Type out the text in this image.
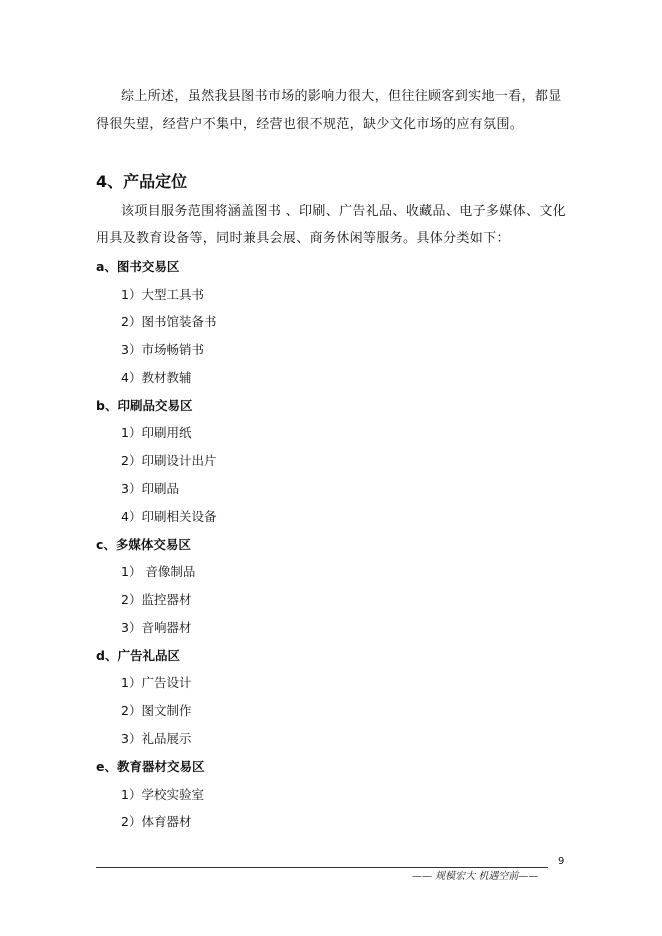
综上所述，虽然我县图书市场的影响力很大，但往往顾客到实地一看，都显
得很失望，经营户不集中，经营也很不规范，缺少文化市场的应有氛围。
4、产品定位
该项目服务范围将涵盖图书 、印刷、广告礼品、收藏品、电子多媒体、文化
用具及教育设备等，同时兼具会展、商务休闲等服务。具体分类如下：
a、图书交易区
1）大型工具书
2）图书馆装备书
3）市场畅销书
4）教材教辅
b、印刷品交易区
1）印刷用纸
2）印刷设计出片
3）印刷品
4）印刷相关设备
c、多媒体交易区
1） 音像制品
2）监控器材
3）音响器材
d、广告礼品区
1）广告设计
2）图文制作
3）礼品展示
e、教育器材交易区
1）学校实验室
2）体育器材
9
—— 规模宏大 机遇空前——
